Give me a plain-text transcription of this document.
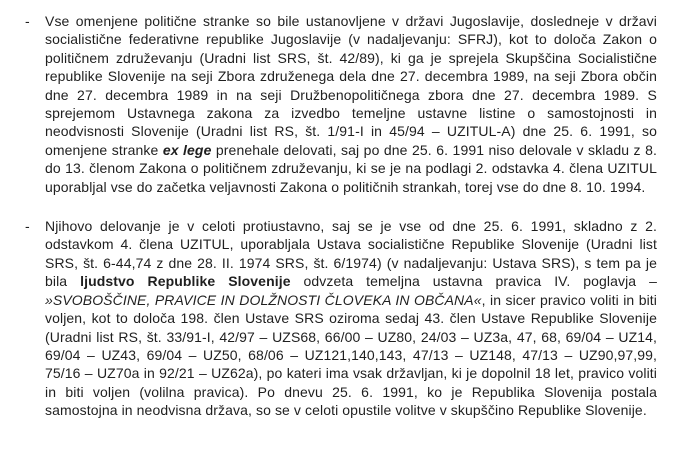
-	Vse omenjene politične stranke so bile ustanovljene v državi Jugoslavije, dosledneje v državi socialistične federativne republike Jugoslavije (v nadaljevanju: SFRJ), kot to določa Zakon o političnem združevanju (Uradni list SRS, št. 42/89), ki ga je sprejela Skupščina Socialistične republike Slovenije na seji Zbora združenega dela dne 27. decembra 1989, na seji Zbora občin dne 27. decembra 1989 in na seji Družbenopolitičnega zbora dne 27. decembra 1989. S sprejemom Ustavnega zakona za izvedbo temeljne ustavne listine o samostojnosti in neodvisnosti Slovenije (Uradni list RS, št. 1/91-I in 45/94 – UZITUL-A) dne 25. 6. 1991, so omenjene stranke ex lege prenehale delovati, saj po dne 25. 6. 1991 niso delovale v skladu z 8. do 13. členom Zakona o političnem združevanju, ki se je na podlagi 2. odstavka 4. člena UZITUL uporabljal vse do začetka veljavnosti Zakona o političnih strankah, torej vse do dne 8. 10. 1994.

-	Njihovo delovanje je v celoti protiustavno, saj se je vse od dne 25. 6. 1991, skladno z 2. odstavkom 4. člena UZITUL, uporabljala Ustava socialistične Republike Slovenije (Uradni list SRS, št. 6-44,74 z dne 28. II. 1974 SRS, št. 6/1974) (v nadaljevanju: Ustava SRS), s tem pa je bila ljudstvo Republike Slovenije odvzeta temeljna ustavna pravica IV. poglavja – »SVOBOŠČINE, PRAVICE IN DOLŽNOSTI ČLOVEKA IN OBČANA«, in sicer pravico voliti in biti voljen, kot to določa 198. člen Ustave SRS oziroma sedaj 43. člen Ustave Republike Slovenije (Uradni list RS, št. 33/91-I, 42/97 – UZS68, 66/00 – UZ80, 24/03 – UZ3a, 47, 68, 69/04 – UZ14, 69/04 – UZ43, 69/04 – UZ50, 68/06 – UZ121,140,143, 47/13 – UZ148, 47/13 – UZ90,97,99, 75/16 – UZ70a in 92/21 – UZ62a), po kateri ima vsak državljan, ki je dopolnil 18 let, pravico voliti in biti voljen (volilna pravica). Po dnevu 25. 6. 1991, ko je Republika Slovenija postala samostojna in neodvisna država, so se v celoti opustile volitve v skupščino Republike Slovenije.
